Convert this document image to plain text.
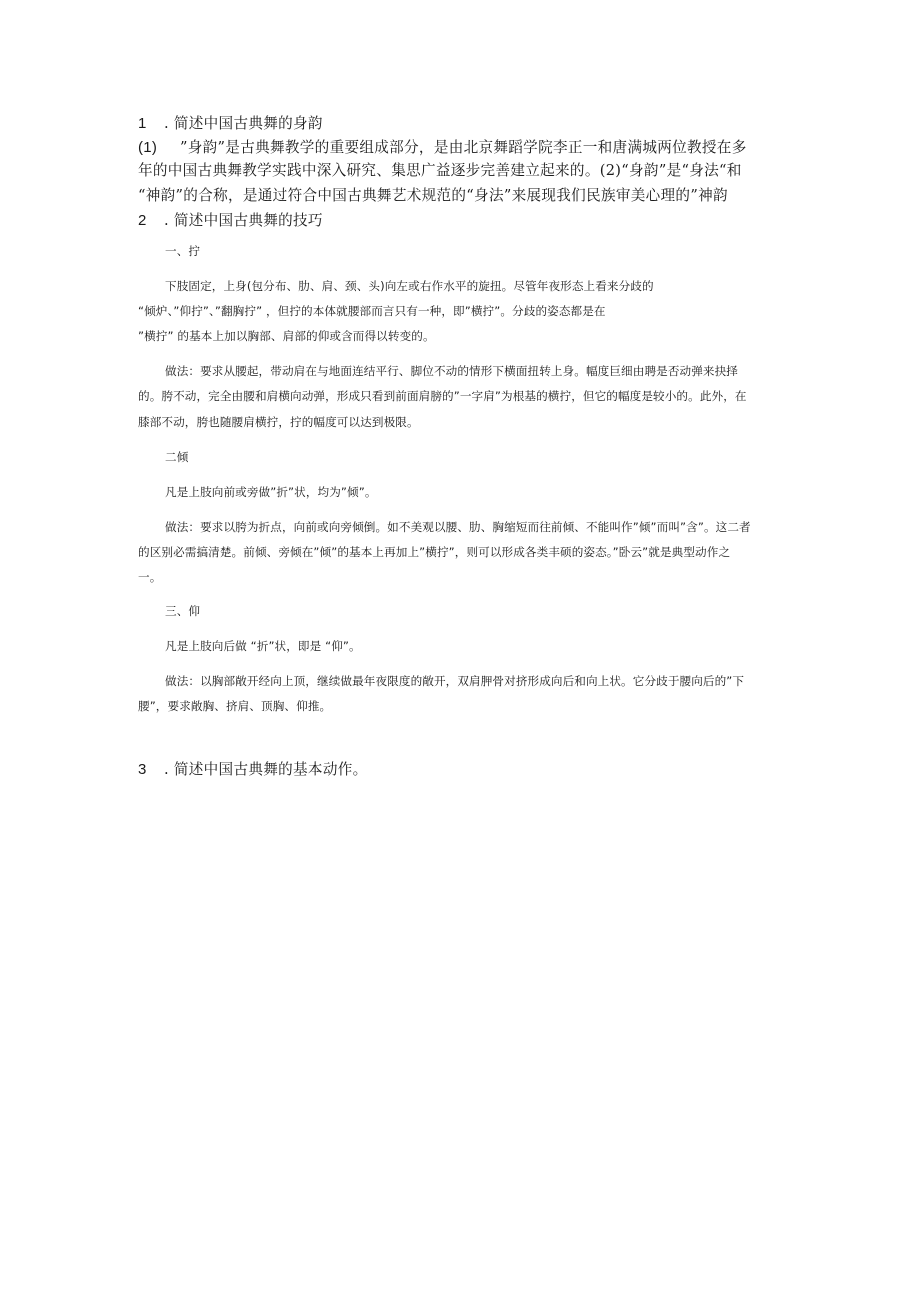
1 . 简述中国古典舞的身韵
(1) ”身韵”是古典舞教学的重要组成部分，是由北京舞蹈学院李正一和唐满城两位教授在多
年的中国古典舞教学实践中深入研究、集思广益逐步完善建立起来的。(2)“身韵”是“身法“和
“神韵”的合称，是通过符合中国古典舞艺术规范的“身法”来展现我们民族审美心理的”神韵
2 . 简述中国古典舞的技巧
一、拧
下肢固定，上身(包分布、肋、肩、颈、头)向左或右作水平的旋扭。尽管年夜形态上看来分歧的
“倾炉、”仰拧”、”翻胸拧” ，但拧的本体就腰部而言只有一种，即”横拧”。分歧的姿态都是在
”横拧” 的基本上加以胸部、肩部的仰或含而得以转变的。
做法：要求从腰起，带动肩在与地面连结平行、脚位不动的情形下横面扭转上身。幅度巨细由聘是否动弹来抉择
的。胯不动，完全由腰和肩横向动弹，形成只看到前面肩膀的”一字肩”为根基的横拧，但它的幅度是较小的。此外，在
膝部不动，胯也随腰肩横拧，拧的幅度可以达到极限。
二倾
凡是上肢向前或旁做”折”状，均为”倾”。
做法：要求以胯为折点，向前或向旁倾倒。如不美观以腰、肋、胸缩短而往前倾、不能叫作”倾”而叫”含”。这二者
的区别必需搞清楚。前倾、旁倾在”倾”的基本上再加上”横拧”，则可以形成各类丰硕的姿态。”卧云”就是典型动作之
一。
三、仰
凡是上肢向后做 “折”状，即是 “仰”。
做法：以胸部敞开经向上顶，继续做最年夜限度的敞开，双肩胛骨对挤形成向后和向上状。它分歧于腰向后的”下
腰”，要求敞胸、挤肩、顶胸、仰推。
3 . 简述中国古典舞的基本动作。
